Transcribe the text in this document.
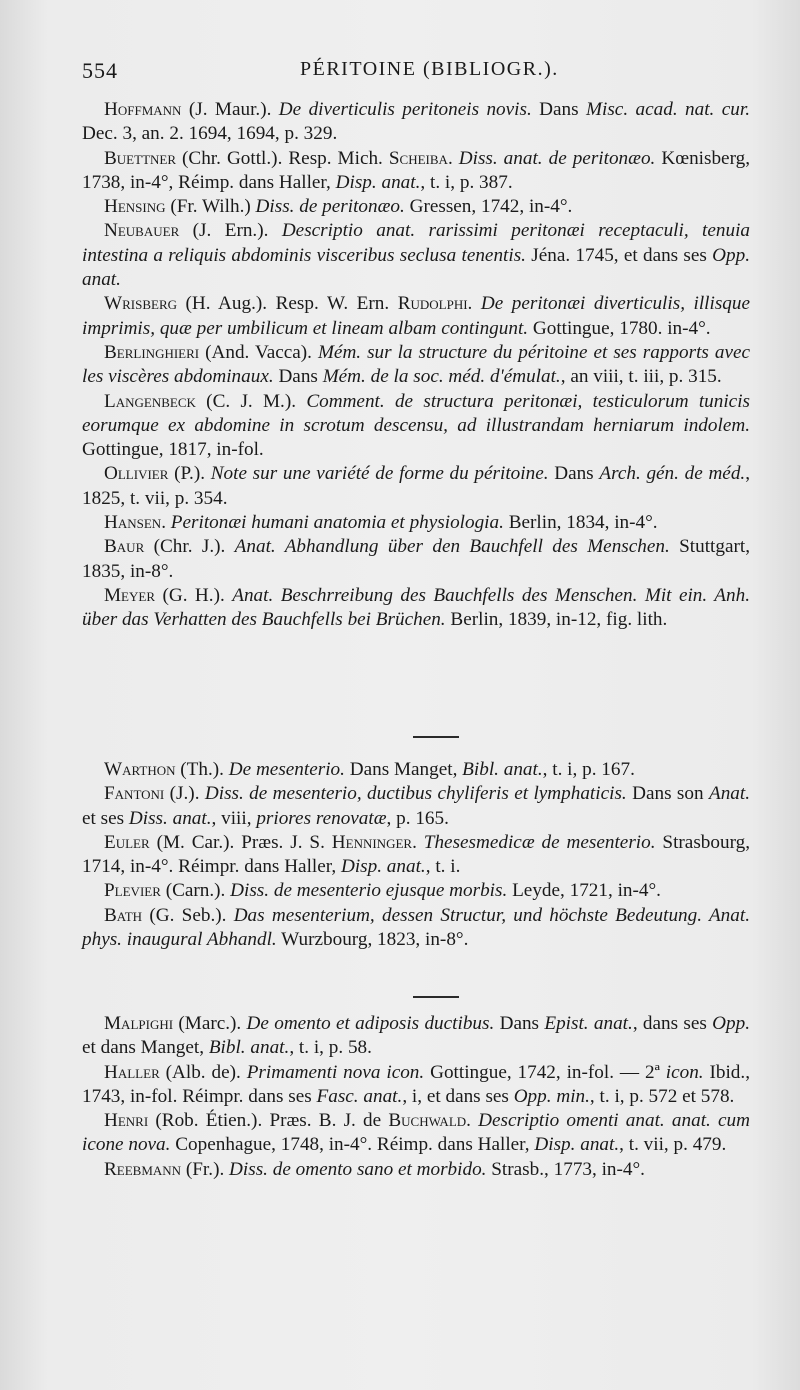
554	PÉRITOINE (BIBLIOGR.).

Hoffmann (J. Maur.). De diverticulis peritoneis novis. Dans Misc. acad. nat. cur. Dec. 3, an. 2. 1694, 1694, p. 329.

Buettner (Chr. Gottl.). Resp. Mich. Scheiba. Diss. anat. de peritonæo. Kœnisberg, 1738, in-4°, Réimp. dans Haller, Disp. anat., t. i, p. 387.

Hensing (Fr. Wilh.) Diss. de peritonæo. Gressen, 1742, in-4°.

Neubauer (J. Ern.). Descriptio anat. rarissimi peritonæi receptaculi, tenuia intestina a reliquis abdominis visceribus seclusa tenentis. Jéna. 1745, et dans ses Opp. anat.

Wrisberg (H. Aug.). Resp. W. Ern. Rudolphi. De peritonæi diverticulis, illisque imprimis, quæ per umbilicum et lineam albam contingunt. Gottingue, 1780. in-4°.

Berlinghieri (And. Vacca). Mém. sur la structure du péritoine et ses rapports avec les viscères abdominaux. Dans Mém. de la soc. méd. d'émulat., an viii, t. iii, p. 315.

Langenbeck (C. J. M.). Comment. de structura peritonæi, testiculorum tunicis eorumque ex abdomine in scrotum descensu, ad illustrandam herniarum indolem. Gottingue, 1817, in-fol.

Ollivier (P.). Note sur une variété de forme du péritoine. Dans Arch. gén. de méd., 1825, t. vii, p. 354.

Hansen. Peritonæi humani anatomia et physiologia. Berlin, 1834, in-4°.

Baur (Chr. J.). Anat. Abhandlung über den Bauchfell des Menschen. Stuttgart, 1835, in-8°.

Meyer (G. H.). Anat. Beschrreibung des Bauchfells des Menschen. Mit ein. Anh. über das Verhatten des Bauchfells bei Brüchen. Berlin, 1839, in-12, fig. lith.

Warthon (Th.). De mesenterio. Dans Manget, Bibl. anat., t. i, p. 167.

Fantoni (J.). Diss. de mesenterio, ductibus chyliferis et lymphaticis. Dans son Anat. et ses Diss. anat., viii, priores renovatæ, p. 165.

Euler (M. Car.). Præs. J. S. Henninger. Thesesmedicæ de mesenterio. Strasbourg, 1714, in-4°. Réimpr. dans Haller, Disp. anat., t. i.

Plevier (Carn.). Diss. de mesenterio ejusque morbis. Leyde, 1721, in-4°.

Bath (G. Seb.). Das mesenterium, dessen Structur, und höchste Bedeutung. Anat. phys. inaugural Abhandl. Wurzbourg, 1823, in-8°.

Malpighi (Marc.). De omento et adiposis ductibus. Dans Epist. anat., dans ses Opp. et dans Manget, Bibl. anat., t. i, p. 58.

Haller (Alb. de). Primamenti nova icon. Gottingue, 1742, in-fol. — 2ª icon. Ibid., 1743, in-fol. Réimpr. dans ses Fasc. anat., i, et dans ses Opp. min., t. i, p. 572 et 578.

Henri (Rob. Étien.). Præs. B. J. de Buchwald. Descriptio omenti anat. anat. cum icone nova. Copenhague, 1748, in-4°. Réimp. dans Haller, Disp. anat., t. vii, p. 479.

Reebmann (Fr.). Diss. de omento sano et morbido. Strasb., 1773, in-4°.
